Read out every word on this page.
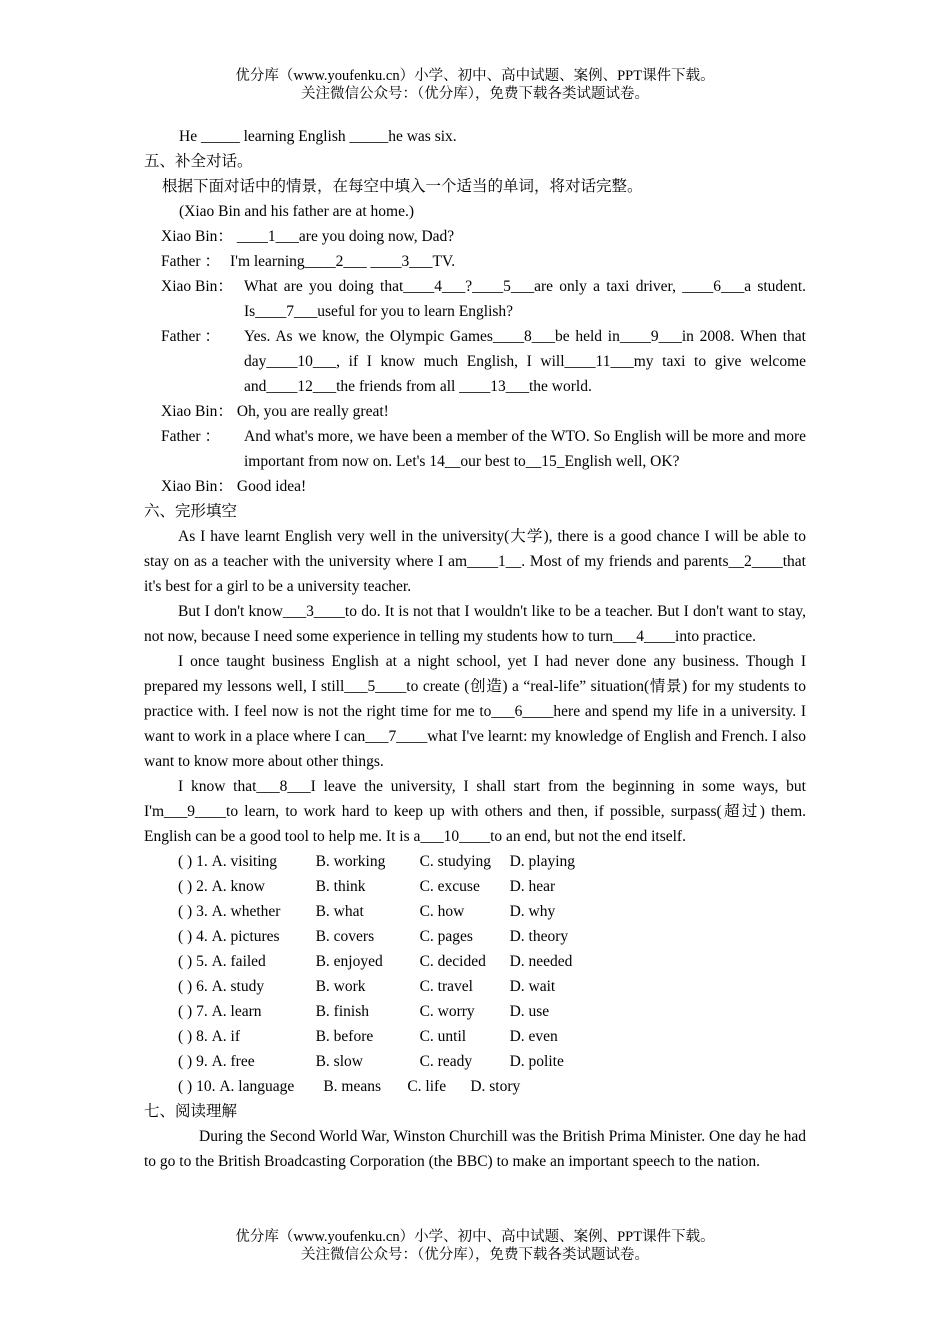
优分库（www.youfenku.cn）小学、初中、高中试题、案例、PPT课件下载。
关注微信公众号：（优分库），免费下载各类试题试卷。
He _____ learning English _____he was six.
五、补全对话。
根据下面对话中的情景，在每空中填入一个适当的单词，将对话完整。
(Xiao Bin and his father are at home.)
Xiao Bin： ____1___are you doing now, Dad?
Father ： I'm learning____2___ ____3___TV.
Xiao Bin： What are you doing that____4___?____5___are only a taxi driver, ____6___a student. Is____7___useful for you to learn English?
Father ：	Yes. As we know, the Olympic Games____8___be held in____9___in 2008. When that day____10___, if I know much English, I will____11___my taxi to give welcome and____12___the friends from all ____13___the world.
Xiao Bin： Oh, you are really great!
Father ：	And what's more, we have been a member of the WTO. So English will be more and more important from now on. Let's 14__our best to__15_English well, OK?
Xiao Bin： Good idea!
六、完形填空
As I have learnt English very well in the university(大学), there is a good chance I will be able to stay on as a teacher with the university where I am____1__. Most of my friends and parents__2____that it's best for a girl to be a university teacher.
But I don't know___3____to do. It is not that I wouldn't like to be a teacher. But I don't want to stay, not now, because I need some experience in telling my students how to turn___4____into practice.
I once taught business English at a night school, yet I had never done any business. Though I prepared my lessons well, I still___5____to create (创造) a “real-life” situation(情景) for my students to practice with. I feel now is not the right time for me to___6____here and spend my life in a university. I want to work in a place where I can___7____what I've learnt: my knowledge of English and French. I also want to know more about other things.
I know that___8___I leave the university, I shall start from the beginning in some ways, but I'm___9____to learn, to work hard to keep up with others and then, if possible, surpass(超过) them. English can be a good tool to help me. It is a___10____to an end, but not the end itself.
( ) 1. A. visiting B. working C. studying D. playing
( ) 2. A. know	B. think	C. excuse D. hear
( ) 3. A. whether B. what	C. how	D. why
( ) 4. A. pictures B. covers	C. pages D. theory
( ) 5. A. failed	B. enjoyed C. decided D. needed
( ) 6. A. study	B. work	C. travel D. wait
( ) 7. A. learn	B. finish	C. worry D. use
( ) 8. A. if	B. before	C. until	D. even
( ) 9. A. free	B. slow	C. ready D. polite
( ) 10. A. language B. means C. life D. story
七、阅读理解
During the Second World War, Winston Churchill was the British Prima Minister. One day he had to go to the British Broadcasting Corporation (the BBC) to make an important speech to the nation.
优分库（www.youfenku.cn）小学、初中、高中试题、案例、PPT课件下载。
关注微信公众号：（优分库），免费下载各类试题试卷。
